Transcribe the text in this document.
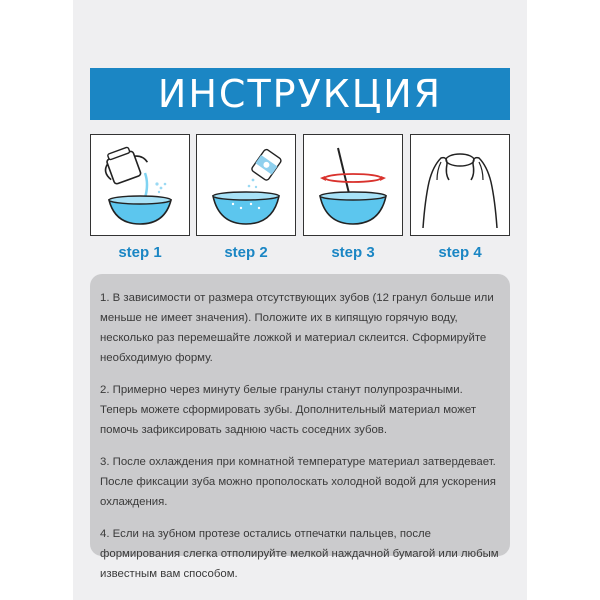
ИНСТРУКЦИЯ
step 1	step 2	step 3	step 4

1. В зависимости от размера отсутствующих зубов (12 гранул больше или меньше не имеет значения). Положите их в кипящую горячую воду, несколько раз перемешайте ложкой и материал склеится. Сформируйте необходимую форму.

2. Примерно через минуту белые гранулы станут полупрозрачными. Теперь можете сформировать зубы. Дополнительный материал может помочь зафиксировать заднюю часть соседних зубов.

3. После охлаждения при комнатной температуре материал затвердевает. После фиксации зуба можно прополоскать холодной водой для ускорения охлаждения.

4. Если на зубном протезе остались отпечатки пальцев, после формирования слегка отполируйте мелкой наждачной бумагой или любым известным вам способом.
